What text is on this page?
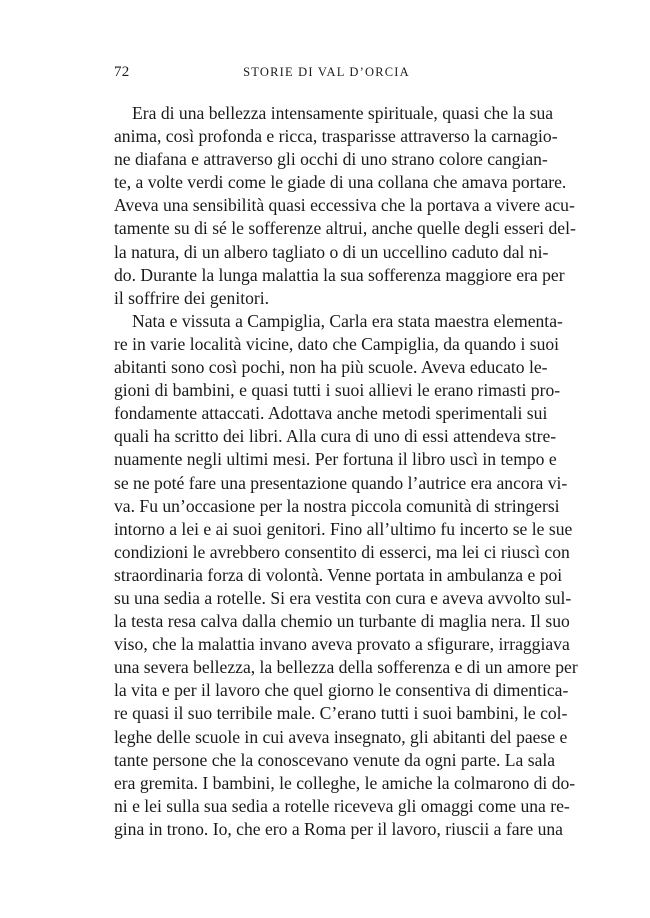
72	STORIE DI VAL D’ORCIA
Era di una bellezza intensamente spirituale, quasi che la sua
anima, così profonda e ricca, trasparisse attraverso la carnagio-
ne diafana e attraverso gli occhi di uno strano colore cangian-
te, a volte verdi come le giade di una collana che amava portare.
Aveva una sensibilità quasi eccessiva che la portava a vivere acu-
tamente su di sé le sofferenze altrui, anche quelle degli esseri del-
la natura, di un albero tagliato o di un uccellino caduto dal ni-
do. Durante la lunga malattia la sua sofferenza maggiore era per
il soffrire dei genitori.
Nata e vissuta a Campiglia, Carla era stata maestra elementa-
re in varie località vicine, dato che Campiglia, da quando i suoi
abitanti sono così pochi, non ha più scuole. Aveva educato le-
gioni di bambini, e quasi tutti i suoi allievi le erano rimasti pro-
fondamente attaccati. Adottava anche metodi sperimentali sui
quali ha scritto dei libri. Alla cura di uno di essi attendeva stre-
nuamente negli ultimi mesi. Per fortuna il libro uscì in tempo e
se ne poté fare una presentazione quando l’autrice era ancora vi-
va. Fu un’occasione per la nostra piccola comunità di stringersi
intorno a lei e ai suoi genitori. Fino all’ultimo fu incerto se le sue
condizioni le avrebbero consentito di esserci, ma lei ci riuscì con
straordinaria forza di volontà. Venne portata in ambulanza e poi
su una sedia a rotelle. Si era vestita con cura e aveva avvolto sul-
la testa resa calva dalla chemio un turbante di maglia nera. Il suo
viso, che la malattia invano aveva provato a sfigurare, irraggiava
una severa bellezza, la bellezza della sofferenza e di un amore per
la vita e per il lavoro che quel giorno le consentiva di dimentica-
re quasi il suo terribile male. C’erano tutti i suoi bambini, le col-
leghe delle scuole in cui aveva insegnato, gli abitanti del paese e
tante persone che la conoscevano venute da ogni parte. La sala
era gremita. I bambini, le colleghe, le amiche la colmarono di do-
ni e lei sulla sua sedia a rotelle riceveva gli omaggi come una re-
gina in trono. Io, che ero a Roma per il lavoro, riuscii a fare una
